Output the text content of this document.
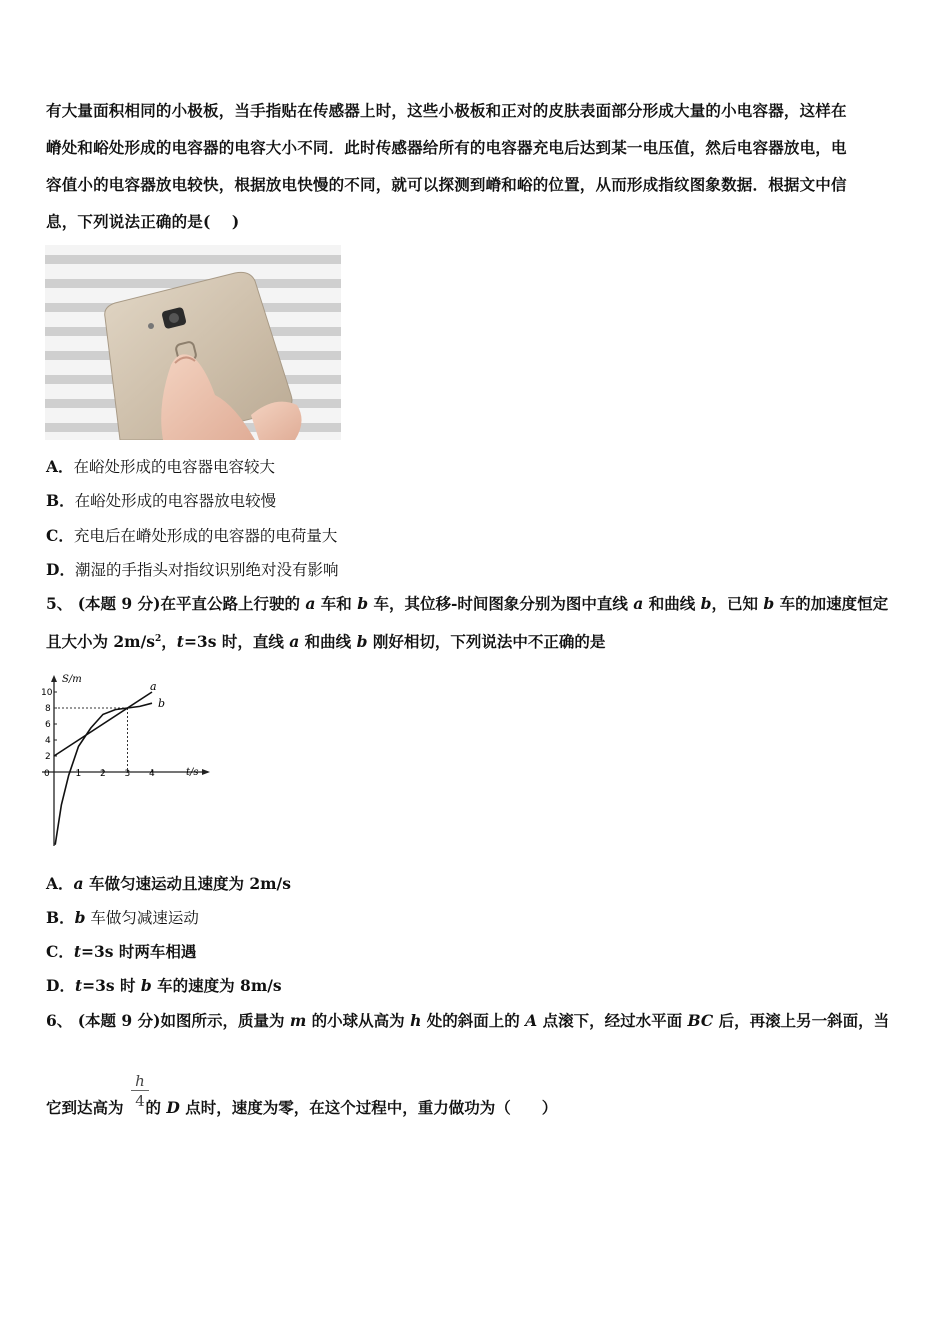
有大量面积相同的小极板，当手指贴在传感器上时，这些小极板和正对的皮肤表面部分形成大量的小电容器，这样在
嵴处和峪处形成的电容器的电容大小不同．此时传感器给所有的电容器充电后达到某一电压值，然后电容器放电，电
容值小的电容器放电较快，根据放电快慢的不同，就可以探测到嵴和峪的位置，从而形成指纹图象数据．根据文中信
息，下列说法正确的是(　 )
A．在峪处形成的电容器电容较大
B．在峪处形成的电容器放电较慢
C．充电后在嵴处形成的电容器的电荷量大
D．潮湿的手指头对指纹识别绝对没有影响
5、 (本题 9 分)在平直公路上行驶的 a 车和 b 车，其位移-时间图象分别为图中直线 a 和曲线 b，已知 b 车的加速度恒定
且大小为 $2m/s^2$，t=3s 时，直线 a 和曲线 b 刚好相切，下列说法中不正确的是
S/m
t/s
0	1 2 3 4
2
4
6
8
10	a
b
A．a 车做匀速运动且速度为 2m/s
B．b 车做匀减速运动
C．t=3s 时两车相遇
D．t=3s 时 b 车的速度为 8m/s
6、 (本题 9 分)如图所示，质量为 m 的小球从高为 h 处的斜面上的 A 点滚下，经过水平面 BC 后，再滚上另一斜面，当
h
4
它到达高为 的 D 点时，速度为零，在这个过程中，重力做功为（　　）
